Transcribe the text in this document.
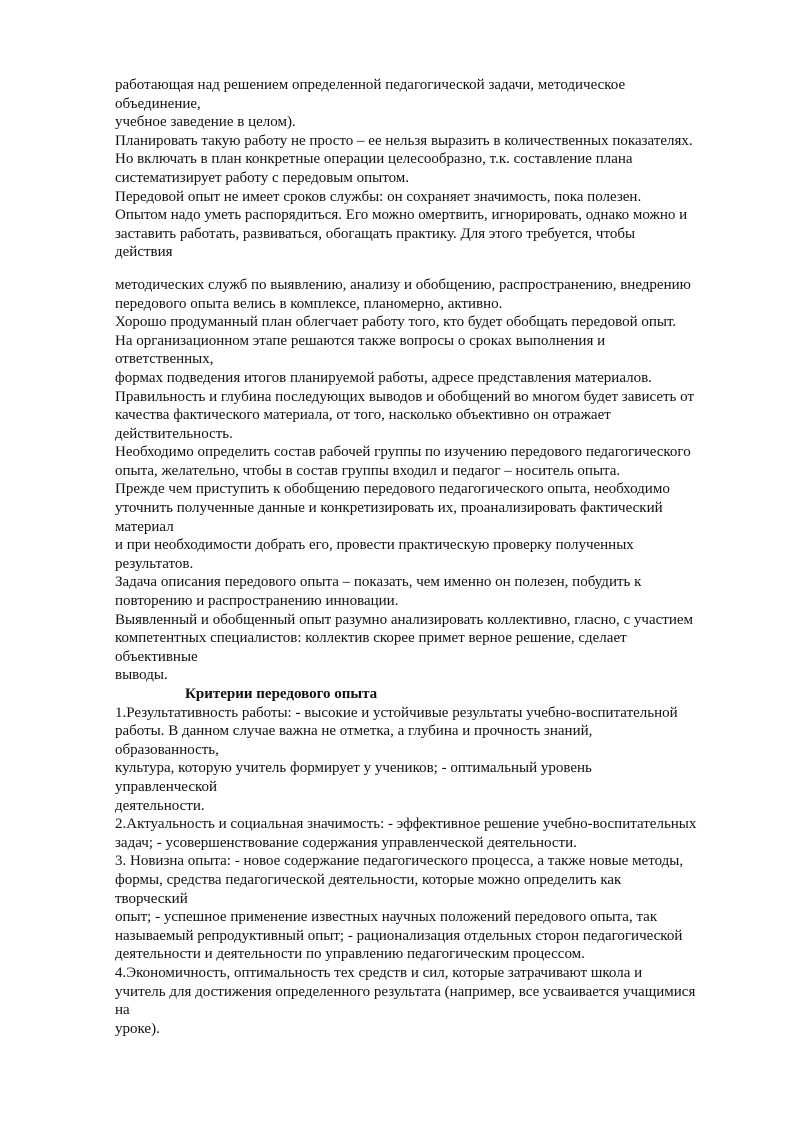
работающая над решением определенной педагогической задачи, методическое
объединение,
учебное заведение в целом).
Планировать такую работу не просто – ее нельзя выразить в количественных показателях.
Но включать в план конкретные операции целесообразно, т.к. составление плана
систематизирует работу с передовым опытом.
Передовой опыт не имеет сроков службы: он сохраняет значимость, пока полезен.
Опытом надо уметь распорядиться. Его можно омертвить, игнорировать, однако можно и
заставить работать, развиваться, обогащать практику. Для этого требуется, чтобы
действия
методических служб по выявлению, анализу и обобщению, распространению, внедрению
передового опыта велись в комплексе, планомерно, активно.
Хорошо продуманный план облегчает работу того, кто будет обобщать передовой опыт.
На организационном этапе решаются также вопросы о сроках выполнения и
ответственных,
формах подведения итогов планируемой работы, адресе представления материалов.
Правильность и глубина последующих выводов и обобщений во многом будет зависеть от
качества фактического материала, от того, насколько объективно он отражает
действительность.
Необходимо определить состав рабочей группы по изучению передового педагогического
опыта, желательно, чтобы в состав группы входил и педагог – носитель опыта.
Прежде чем приступить к обобщению передового педагогического опыта, необходимо
уточнить полученные данные и конкретизировать их, проанализировать фактический
материал
и при необходимости добрать его, провести практическую проверку полученных
результатов.
Задача описания передового опыта – показать, чем именно он полезен, побудить к
повторению и распространению инновации.
Выявленный и обобщенный опыт разумно анализировать коллективно, гласно, с участием
компетентных специалистов: коллектив скорее примет верное решение, сделает
объективные
выводы.
Критерии передового опыта
1.Результативность работы: - высокие и устойчивые результаты учебно-воспитательной
работы. В данном случае важна не отметка, а глубина и прочность знаний,
образованность,
культура, которую учитель формирует у учеников; - оптимальный уровень
управленческой
деятельности.
2.Актуальность и социальная значимость: - эффективное решение учебно-воспитательных
задач; - усовершенствование содержания управленческой деятельности.
3. Новизна опыта: - новое содержание педагогического процесса, а также новые методы,
формы, средства педагогической деятельности, которые можно определить как
творческий
опыт; - успешное применение известных научных положений передового опыта, так
называемый репродуктивный опыт; - рационализация отдельных сторон педагогической
деятельности и деятельности по управлению педагогическим процессом.
4.Экономичность, оптимальность тех средств и сил, которые затрачивают школа и
учитель для достижения определенного результата (например, все усваивается учащимися
на
уроке).
